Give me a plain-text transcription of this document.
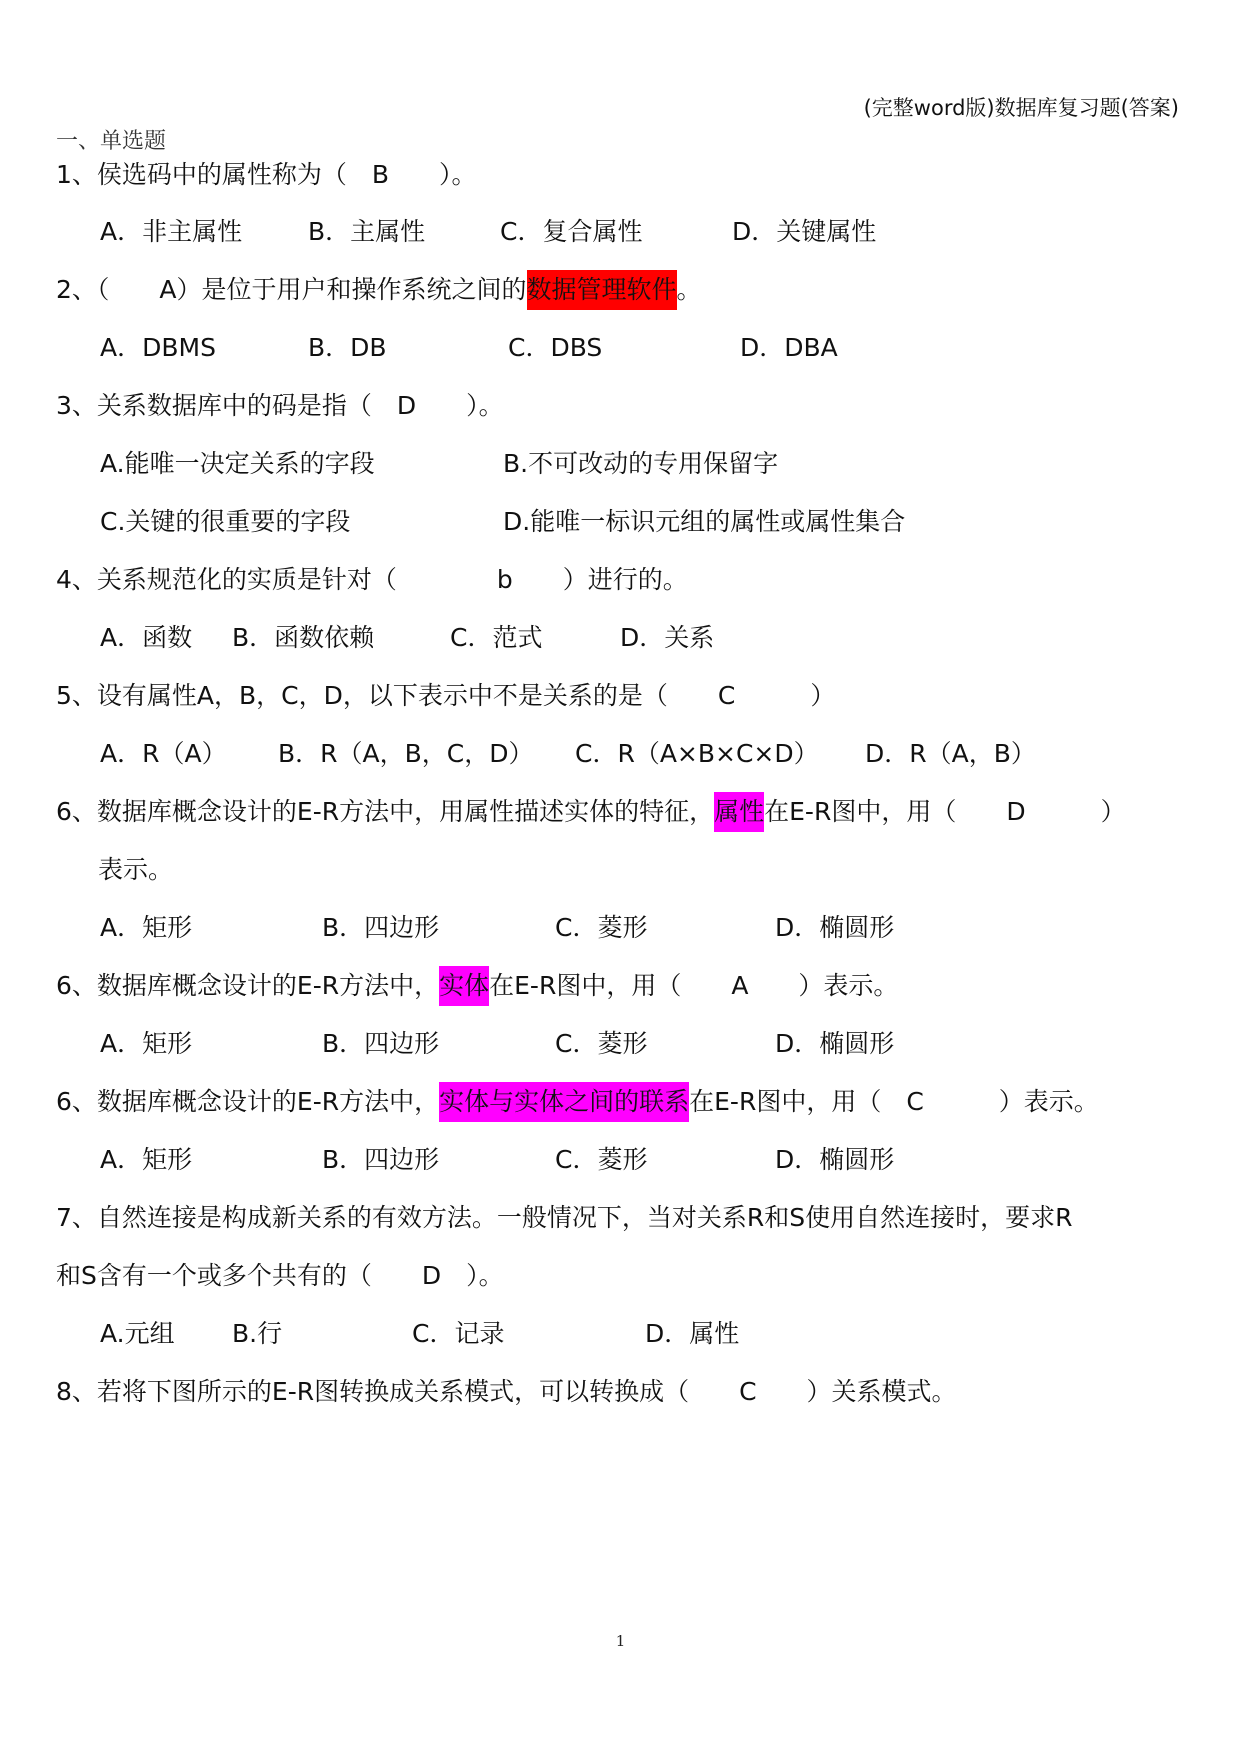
(完整word版)数据库复习题(答案)
一、单选题
1、侯选码中的属性称为（　B　　）。
A．非主属性	B．主属性	C．复合属性	D．关键属性
2、（　　A）是位于用户和操作系统之间的数据管理软件。
A．DBMS	B．DB	C．DBS	D．DBA
3、关系数据库中的码是指（　D　　）。
A.能唯一决定关系的字段	B.不可改动的专用保留字
C.关键的很重要的字段	D.能唯一标识元组的属性或属性集合
4、关系规范化的实质是针对（　　　　b　　）进行的。
A．函数 B．函数依赖	C．范式	D．关系
5、设有属性A，B，C，D，以下表示中不是关系的是（　　C　　　）
A．R（A） B．R（A，B，C，D） C．R（A×B×C×D） D．R（A，B）
6、数据库概念设计的E-R方法中，用属性描述实体的特征，属性在E-R图中，用（　　D　　　）
表示。
A．矩形	B．四边形	C．菱形	D．椭圆形
6、数据库概念设计的E-R方法中，实体在E-R图中，用（　　A　　）表示。
A．矩形	B．四边形	C．菱形	D．椭圆形
6、数据库概念设计的E-R方法中，实体与实体之间的联系在E-R图中，用（　C　　　）表示。
A．矩形	B．四边形	C．菱形	D．椭圆形
7、自然连接是构成新关系的有效方法。一般情况下，当对关系R和S使用自然连接时，要求R
和S含有一个或多个共有的（　　D　）。
A.元组 B.行	C．记录	D．属性
8、若将下图所示的E-R图转换成关系模式，可以转换成（　　C　　）关系模式。
1
